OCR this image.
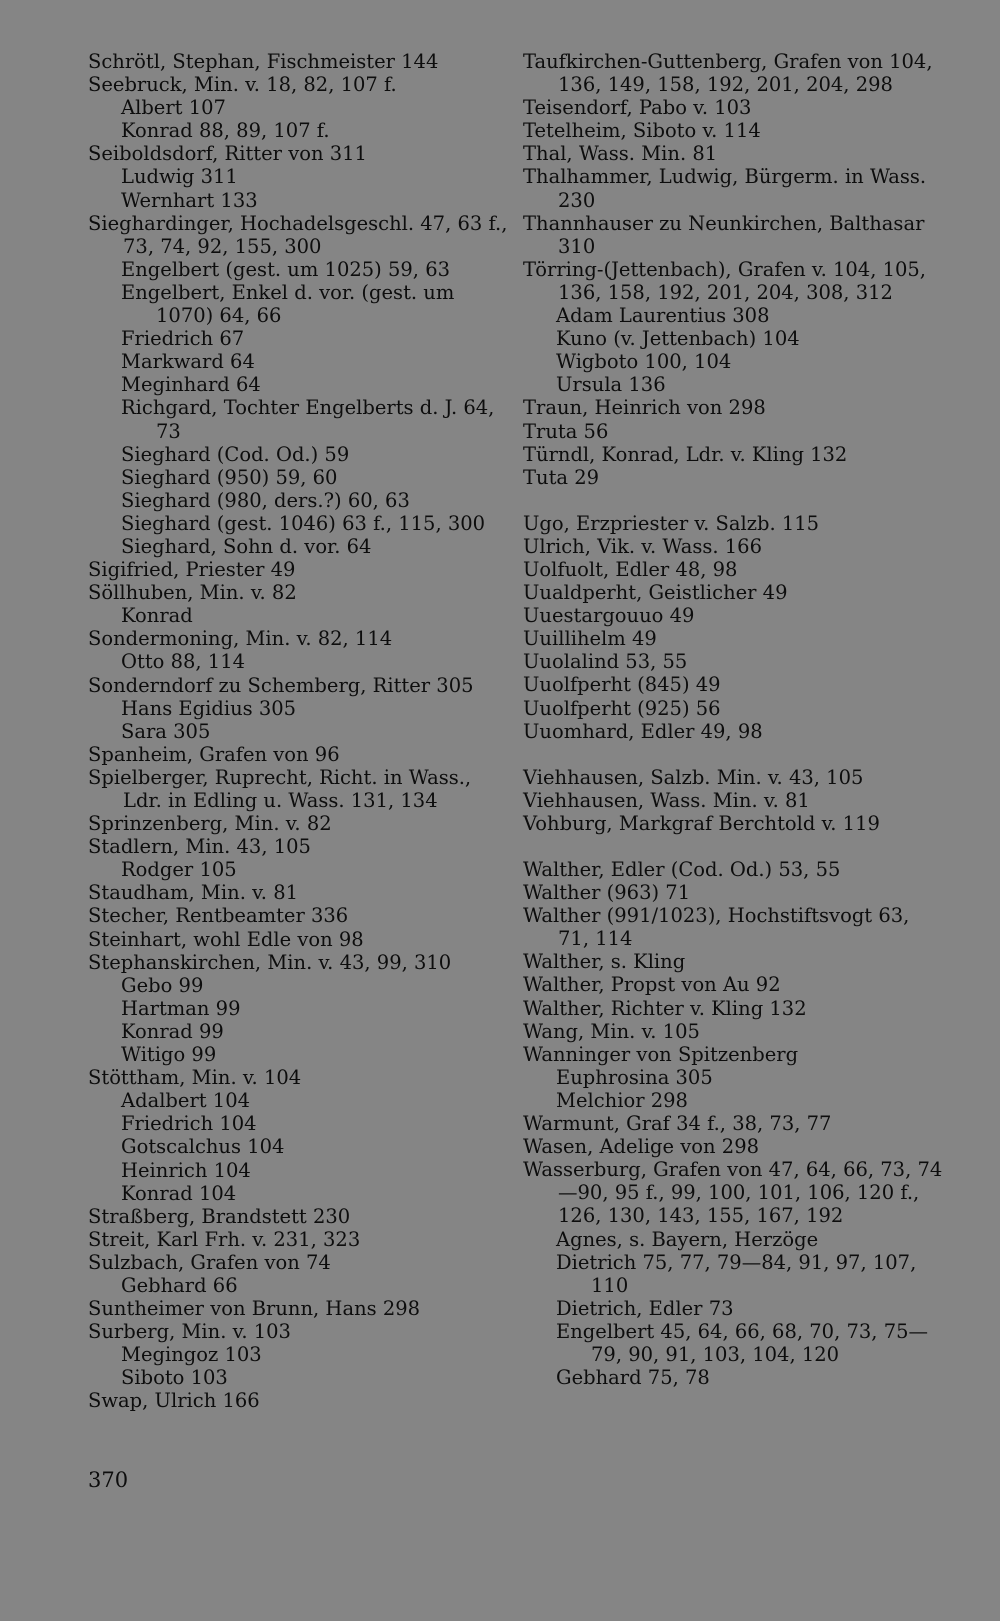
Schrötl, Stephan, Fischmeister 144
Seebruck, Min. v. 18, 82, 107 f.
Albert 107
Konrad 88, 89, 107 f.
Seiboldsdorf, Ritter von 311
Ludwig 311
Wernhart 133
Sieghardinger, Hochadelsgeschl. 47, 63 f., 73, 74, 92, 155, 300
Engelbert (gest. um 1025) 59, 63
Engelbert, Enkel d. vor. (gest. um 1070) 64, 66
Friedrich 67
Markward 64
Meginhard 64
Richgard, Tochter Engelberts d. J. 64, 73
Sieghard (Cod. Od.) 59
Sieghard (950) 59, 60
Sieghard (980, ders.?) 60, 63
Sieghard (gest. 1046) 63 f., 115, 300
Sieghard, Sohn d. vor. 64
Sigifried, Priester 49
Söllhuben, Min. v. 82
Konrad
Sondermoning, Min. v. 82, 114
Otto 88, 114
Sonderndorf zu Schemberg, Ritter 305
Hans Egidius 305
Sara 305
Spanheim, Grafen von 96
Spielberger, Ruprecht, Richt. in Wass., Ldr. in Edling u. Wass. 131, 134
Sprinzenberg, Min. v. 82
Stadlern, Min. 43, 105
Rodger 105
Staudham, Min. v. 81
Stecher, Rentbeamter 336
Steinhart, wohl Edle von 98
Stephanskirchen, Min. v. 43, 99, 310
Gebo 99
Hartman 99
Konrad 99
Witigo 99
Stöttham, Min. v. 104
Adalbert 104
Friedrich 104
Gotscalchus 104
Heinrich 104
Konrad 104
Straßberg, Brandstett 230
Streit, Karl Frh. v. 231, 323
Sulzbach, Grafen von 74
Gebhard 66
Suntheimer von Brunn, Hans 298
Surberg, Min. v. 103
Megingoz 103
Siboto 103
Swap, Ulrich 166
Taufkirchen-Guttenberg, Grafen von 104, 136, 149, 158, 192, 201, 204, 298
Teisendorf, Pabo v. 103
Tetelheim, Siboto v. 114
Thal, Wass. Min. 81
Thalhammer, Ludwig, Bürgerm. in Wass. 230
Thannhauser zu Neunkirchen, Balthasar 310
Törring-(Jettenbach), Grafen v. 104, 105, 136, 158, 192, 201, 204, 308, 312
Adam Laurentius 308
Kuno (v. Jettenbach) 104
Wigboto 100, 104
Ursula 136
Traun, Heinrich von 298
Truta 56
Türndl, Konrad, Ldr. v. Kling 132
Tuta 29
Ugo, Erzpriester v. Salzb. 115
Ulrich, Vik. v. Wass. 166
Uolfuolt, Edler 48, 98
Uualdperht, Geistlicher 49
Uuestargouuo 49
Uuillihelm 49
Uuolalind 53, 55
Uuolfperht (845) 49
Uuolfperht (925) 56
Uuomhard, Edler 49, 98
Viehhausen, Salzb. Min. v. 43, 105
Viehhausen, Wass. Min. v. 81
Vohburg, Markgraf Berchtold v. 119
Walther, Edler (Cod. Od.) 53, 55
Walther (963) 71
Walther (991/1023), Hochstiftsvogt 63, 71, 114
Walther, s. Kling
Walther, Propst von Au 92
Walther, Richter v. Kling 132
Wang, Min. v. 105
Wanninger von Spitzenberg
Euphrosina 305
Melchior 298
Warmunt, Graf 34 f., 38, 73, 77
Wasen, Adelige von 298
Wasserburg, Grafen von 47, 64, 66, 73, 74—90, 95 f., 99, 100, 101, 106, 120 f., 126, 130, 143, 155, 167, 192
Agnes, s. Bayern, Herzöge
Dietrich 75, 77, 79—84, 91, 97, 107, 110
Dietrich, Edler 73
Engelbert 45, 64, 66, 68, 70, 73, 75—79, 90, 91, 103, 104, 120
Gebhard 75, 78
370
